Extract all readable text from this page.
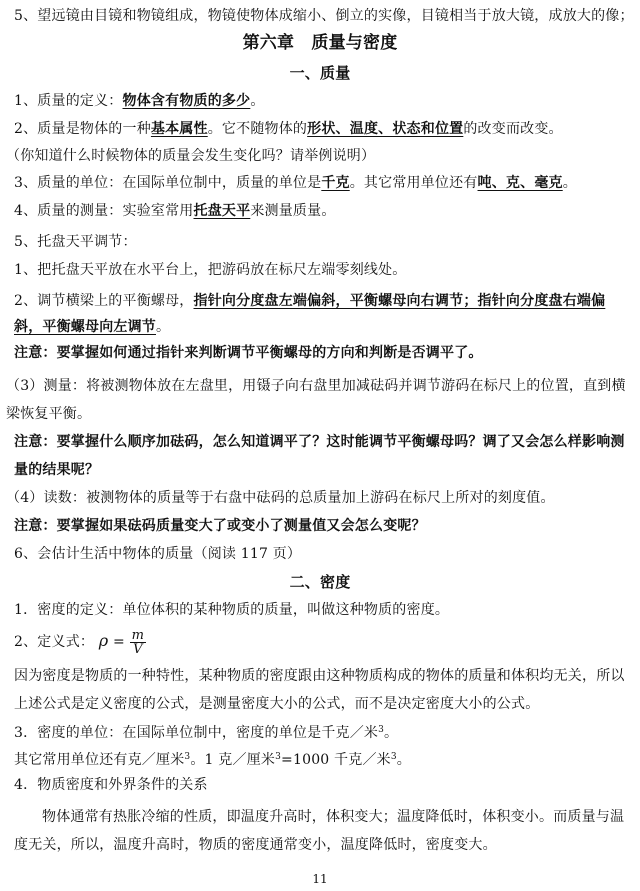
5、望远镜由目镜和物镜组成，物镜使物体成缩小、倒立的实像，目镜相当于放大镜，成放大的像；
第六章　质量与密度
一、质量
1、质量的定义：物体含有物质的多少。
2、质量是物体的一种基本属性。它不随物体的形状、温度、状态和位置的改变而改变。
（你知道什么时候物体的质量会发生变化吗？请举例说明）
3、质量的单位：在国际单位制中，质量的单位是千克。其它常用单位还有吨、克、毫克。
4、质量的测量：实验室常用托盘天平来测量质量。
5、托盘天平调节：
1、把托盘天平放在水平台上，把游码放在标尺左端零刻线处。
2、调节横梁上的平衡螺母，指针向分度盘左端偏斜，平衡螺母向右调节；指针向分度盘右端偏斜，平衡螺母向左调节。
注意：要掌握如何通过指针来判断调节平衡螺母的方向和判断是否调平了。
（3）测量：将被测物体放在左盘里，用镊子向右盘里加减砝码并调节游码在标尺上的位置，直到横梁恢复平衡。
注意：要掌握什么顺序加砝码，怎么知道调平了？这时能调节平衡螺母吗？调了又会怎么样影响测量的结果呢？
（4）读数：被测物体的质量等于右盘中砝码的总质量加上游码在标尺上所对的刻度值。
注意：要掌握如果砝码质量变大了或变小了测量值又会怎么变呢？
6、会估计生活中物体的质量（阅读 117 页）
二、密度
1．密度的定义：单位体积的某种物质的质量，叫做这种物质的密度。
2、定义式： $\rho = \frac{m}{V}$
因为密度是物质的一种特性，某种物质的密度跟由这种物质构成的物体的质量和体积均无关，所以上述公式是定义密度的公式，是测量密度大小的公式，而不是决定密度大小的公式。
3．密度的单位：在国际单位制中，密度的单位是千克／米$^3$。
其它常用单位还有克／厘米$^3$。1 克／厘米$^3$=1000 千克／米$^3$。
4．物质密度和外界条件的关系
物体通常有热胀冷缩的性质，即温度升高时，体积变大；温度降低时，体积变小。而质量与温度无关，所以，温度升高时，物质的密度通常变小，温度降低时，密度变大。
11
